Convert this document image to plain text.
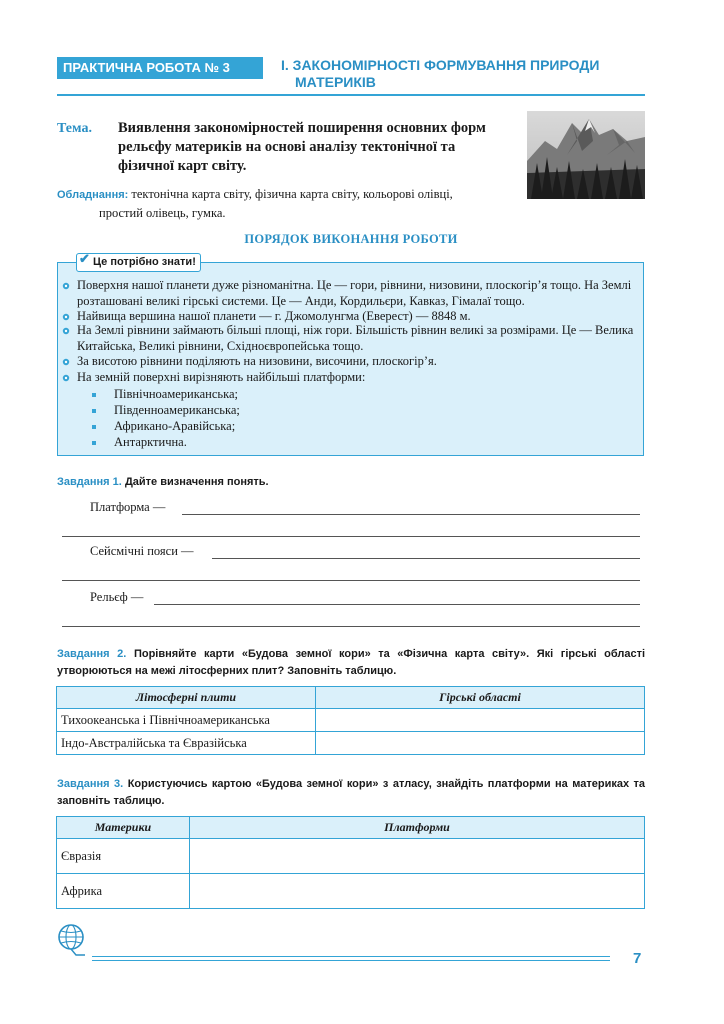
ПРАКТИЧНА РОБОТА № 3	I. ЗАКОНОМІРНОСТІ ФОРМУВАННЯ ПРИРОДИ
МАТЕРИКІВ
Тема. Виявлення закономірностей поширення основних форм рельєфу материків на основі аналізу тектонічної та фізичної карт світу.
Обладнання: тектонічна карта світу, фізична карта світу, кольорові олівці,
простий олівець, гумка.
ПОРЯДОК ВИКОНАННЯ РОБОТИ
Це потрібно знати!
✔
Поверхня нашої планети дуже різноманітна. Це — гори, рівнини, низовини, плоскогір’я тощо. На Землі розташовані великі гірські системи. Це — Анди, Кордильєри, Кавказ, Гімалаї тощо.
Найвища вершина нашої планети — г. Джомолунгма (Еверест) — 8848 м.
На Землі рівнини займають більші площі, ніж гори. Більшість рівнин великі за розмірами. Це — Велика Китайська, Великі рівнини, Східноєвропейська тощо.
За висотою рівнини поділяють на низовини, височини, плоскогір’я.
На земній поверхні вирізняють найбільші платформи:
Північноамериканська;
Південноамериканська;
Африкано-Аравійська;
Антарктична.
Завдання 1. Дайте визначення понять.
Платформа —
Сейсмічні пояси —
Рельєф —
Завдання 2. Порівняйте карти «Будова земної кори» та «Фізична карта світу». Які гірські області утворюються на межі літосферних плит? Заповніть таблицю.
Літосферні плити	Гірські області
Тихоокеанська і Північноамериканська	
Індо-Австралійська та Євразійська	
Завдання 3. Користуючись картою «Будова земної кори» з атласу, знайдіть платформи на материках та заповніть таблицю.
Материки	Платформи
Євразія	
Африка	
7
